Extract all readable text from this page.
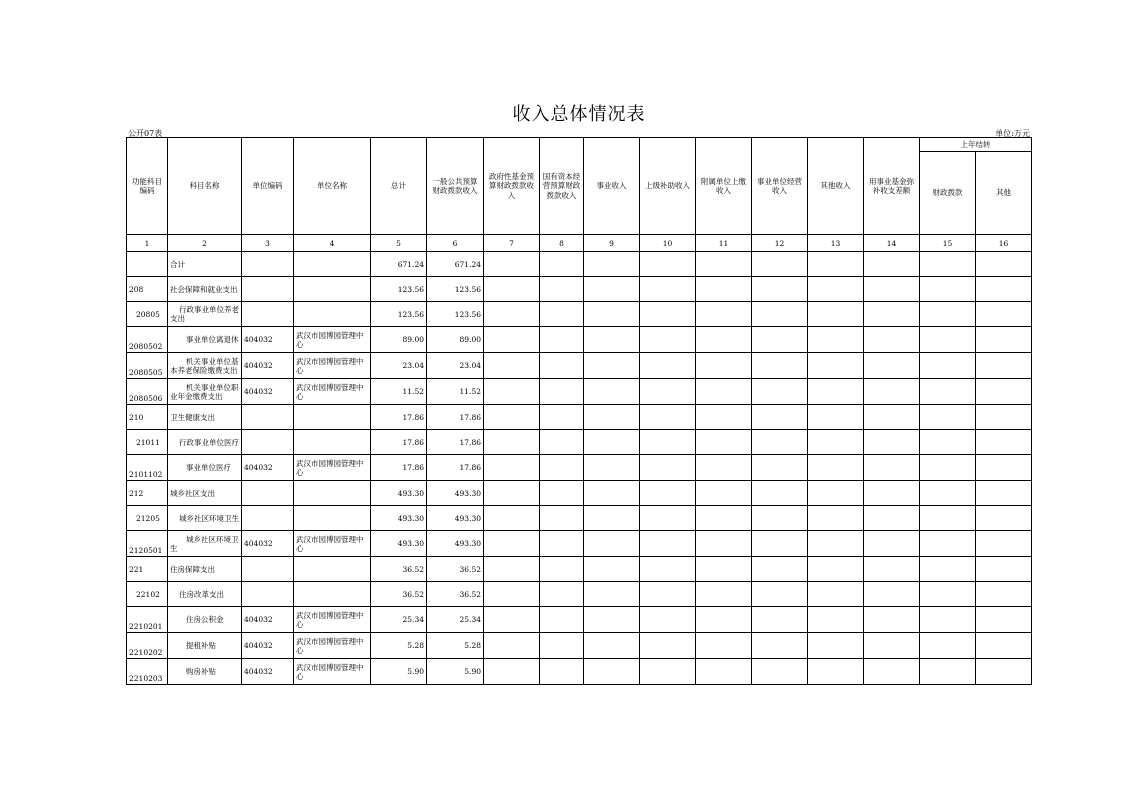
收入总体情况表
公开07表	单位:万元
功能科目编码	科目名称	单位编码	单位名称	总计	一般公共预算财政拨款收入	政府性基金预算财政拨款收入	国有资本经营预算财政拨款收入	事业收入	上级补助收入	附属单位上缴收入	事业单位经营收入	其他收入	用事业基金弥补收支差额	上年结转	
														财政拨款	其他
1	2	3	4	5	6	7	8	9	10	11	12	13	14	15	16
	合计			671.24	671.24										
208	社会保障和就业支出			123.56	123.56										
20805	行政事业单位养老支出			123.56	123.56										
2080502	事业单位离退休	404032	武汉市园博园管理中心	89.00	89.00										
2080505	机关事业单位基本养老保险缴费支出	404032	武汉市园博园管理中心	23.04	23.04										
2080506	机关事业单位职业年金缴费支出	404032	武汉市园博园管理中心	11.52	11.52										
210	卫生健康支出			17.86	17.86										
21011	行政事业单位医疗			17.86	17.86										
2101102	事业单位医疗	404032	武汉市园博园管理中心	17.86	17.86										
212	城乡社区支出			493.30	493.30										
21205	城乡社区环境卫生			493.30	493.30										
2120501	城乡社区环境卫生	404032	武汉市园博园管理中心	493.30	493.30										
221	住房保障支出			36.52	36.52										
22102	住房改革支出			36.52	36.52										
2210201	住房公积金	404032	武汉市园博园管理中心	25.34	25.34										
2210202	提租补贴	404032	武汉市园博园管理中心	5.28	5.28										
2210203	购房补贴	404032	武汉市园博园管理中心	5.90	5.90										
